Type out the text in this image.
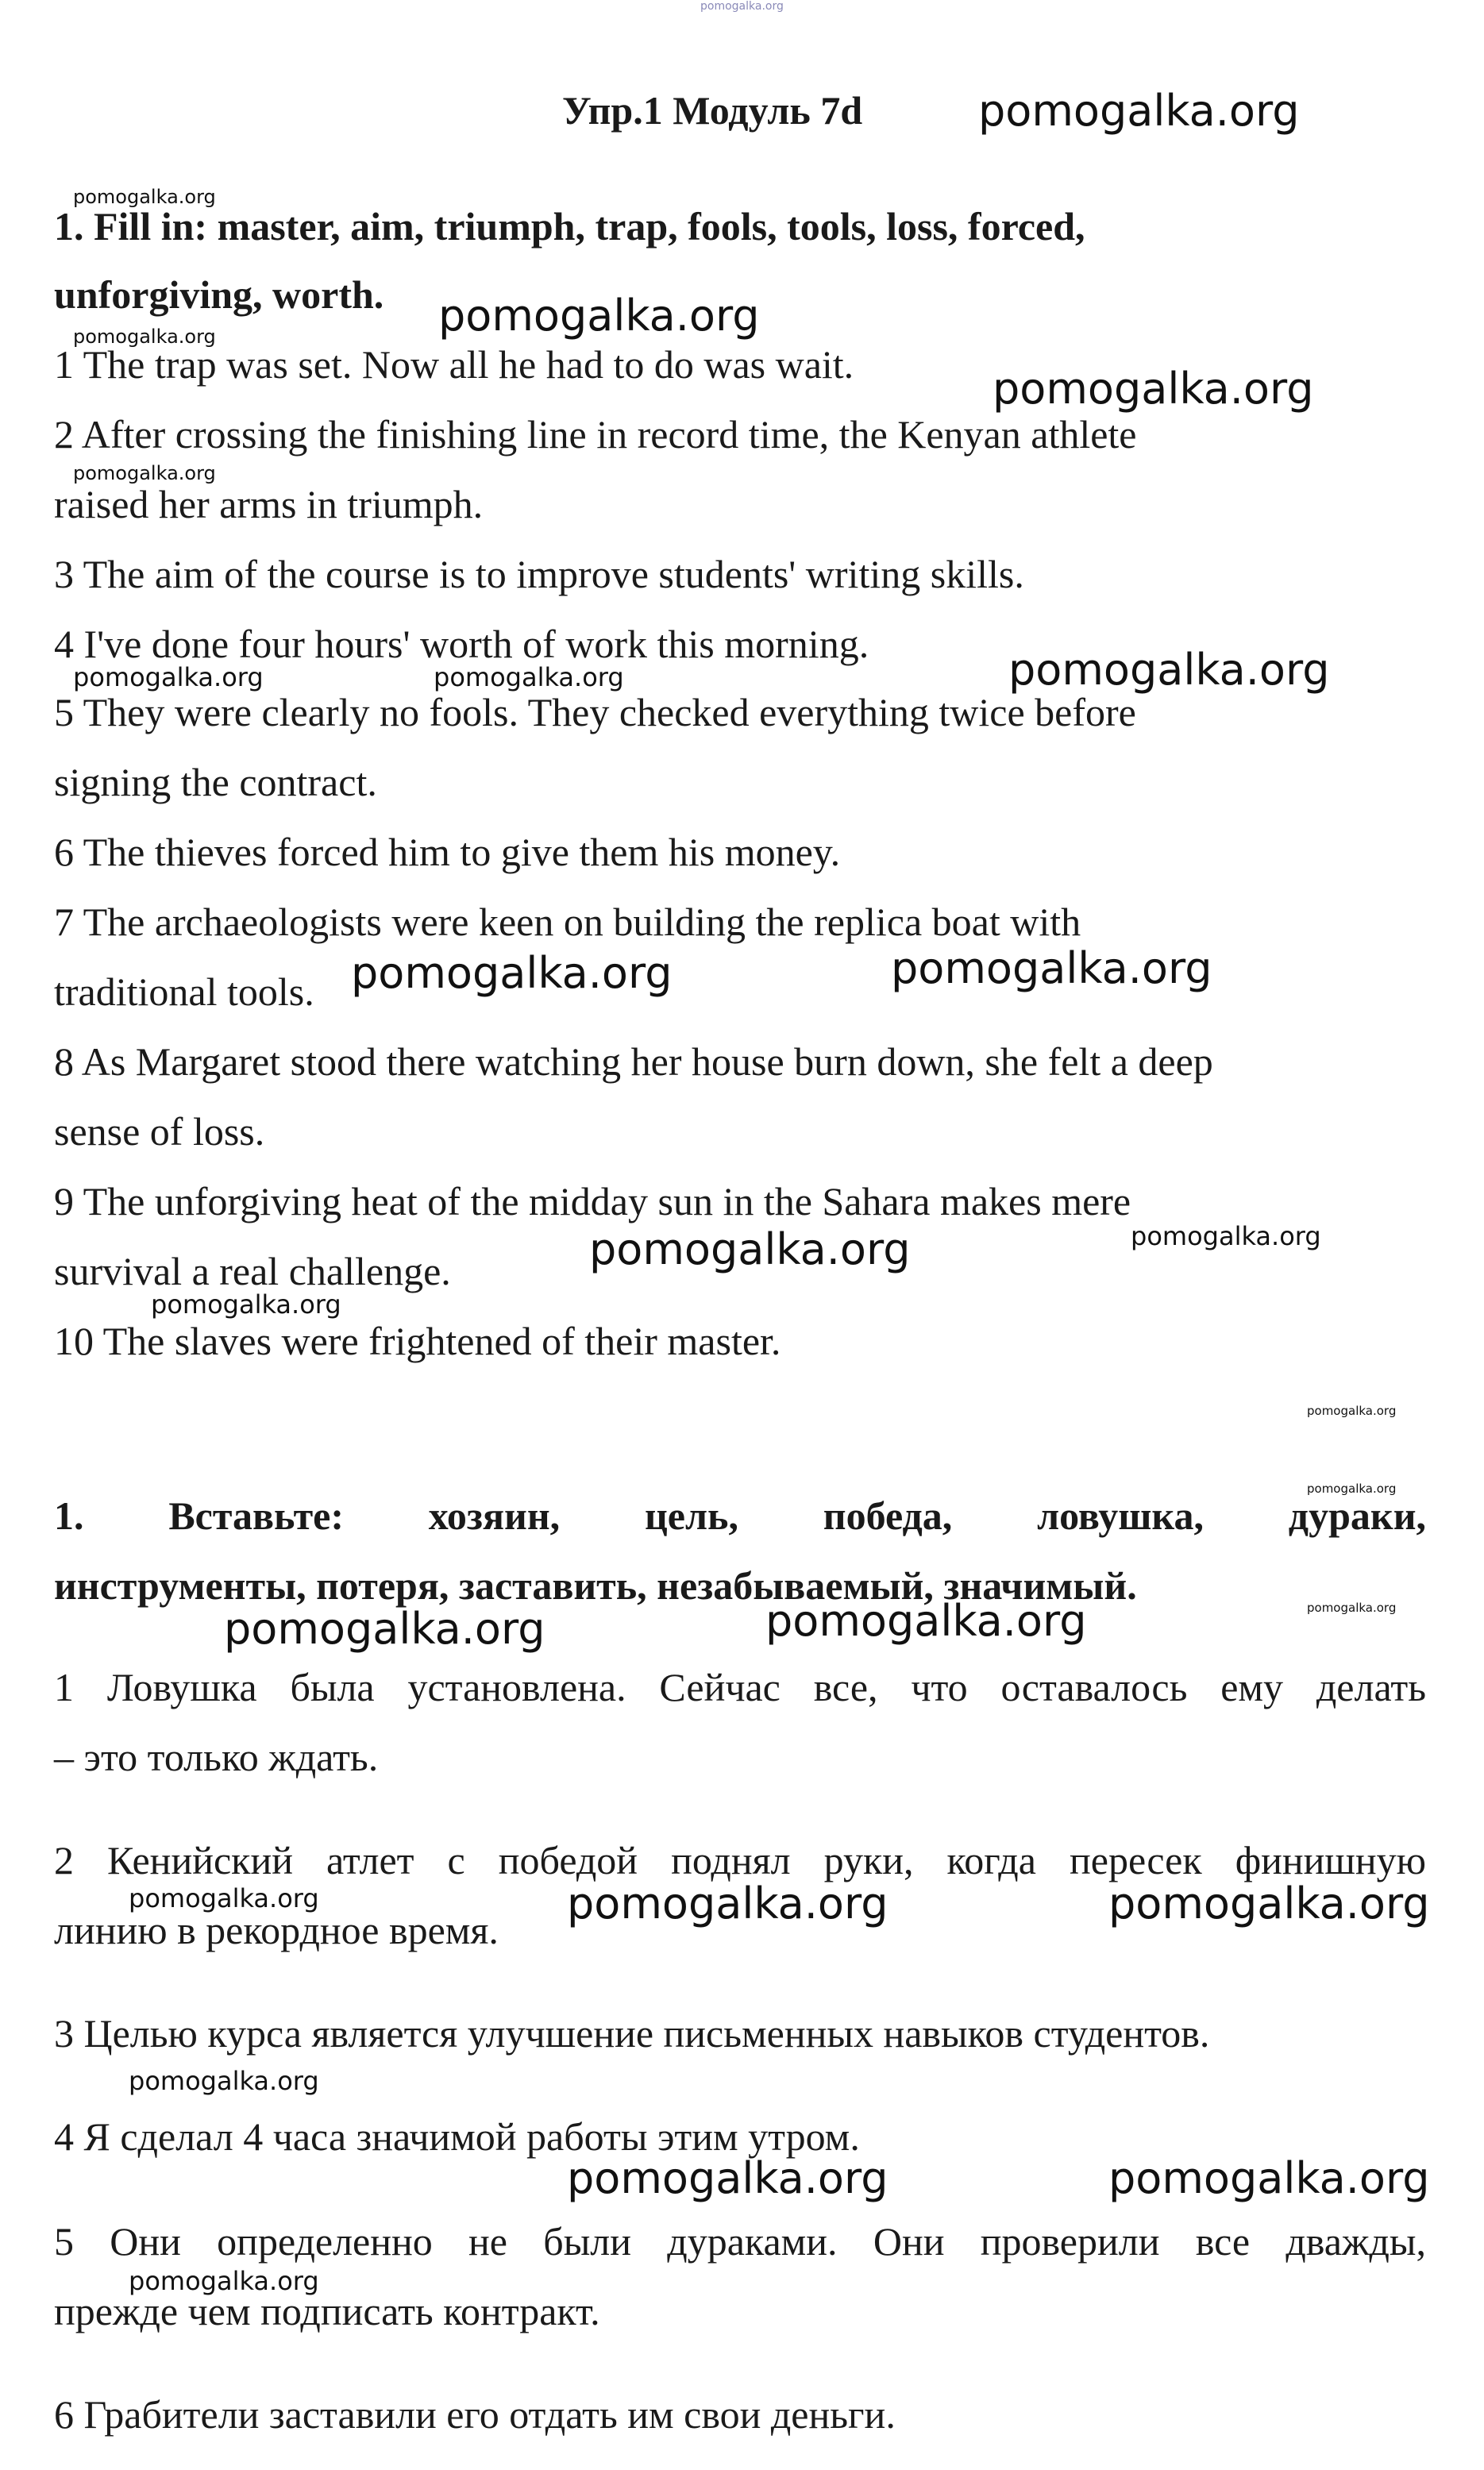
pomogalka.org
Упр.1 Модуль 7d	pomogalka.org
pomogalka.org
1. Fill in: master, aim, triumph, trap, fools, tools, loss, forced,
unforgiving, worth. pomogalka.org
pomogalka.org
1 The trap was set. Now all he had to do was wait.	pomogalka.org
2 After crossing the finishing line in record time, the Kenyan athlete
pomogalka.org
raised her arms in triumph.
3 The aim of the course is to improve students' writing skills.
4 I've done four hours' worth of work this morning.
pomogalka.org
pomogalka.org	pomogalka.org
5 They were clearly no fools. They checked everything twice before
signing the contract.
6 The thieves forced him to give them his money.
7 The archaeologists were keen on building the replica boat with
pomogalka.org
traditional tools. pomogalka.org
8 As Margaret stood there watching her house burn down, she felt a deep
sense of loss.
9 The unforgiving heat of the midday sun in the Sahara makes mere
pomogalka.org
survival a real challenge.	pomogalka.org
pomogalka.org
10 The slaves were frightened of their master.
pomogalka.org
pomogalka.org
1. Вставьте: хозяин, цель, победа, ловушка, дураки,
инструменты, потеря, заставить, незабываемый, значимый.	pomogalka.org
pomogalka.org	pomogalka.org
1 Ловушка была установлена. Сейчас все, что оставалось ему делать
– это только ждать.
2 Кенийский атлет с победой поднял руки, когда пересек финишную
pomogalka.org
линию в рекордное время.
pomogalka.org	pomogalka.org
3 Целью курса является улучшение письменных навыков студентов.
pomogalka.org
4 Я сделал 4 часа значимой работы этим утром.
pomogalka.org	pomogalka.org
5 Они определенно не были дураками. Они проверили все дважды,
pomogalka.org
прежде чем подписать контракт.
6 Грабители заставили его отдать им свои деньги.
